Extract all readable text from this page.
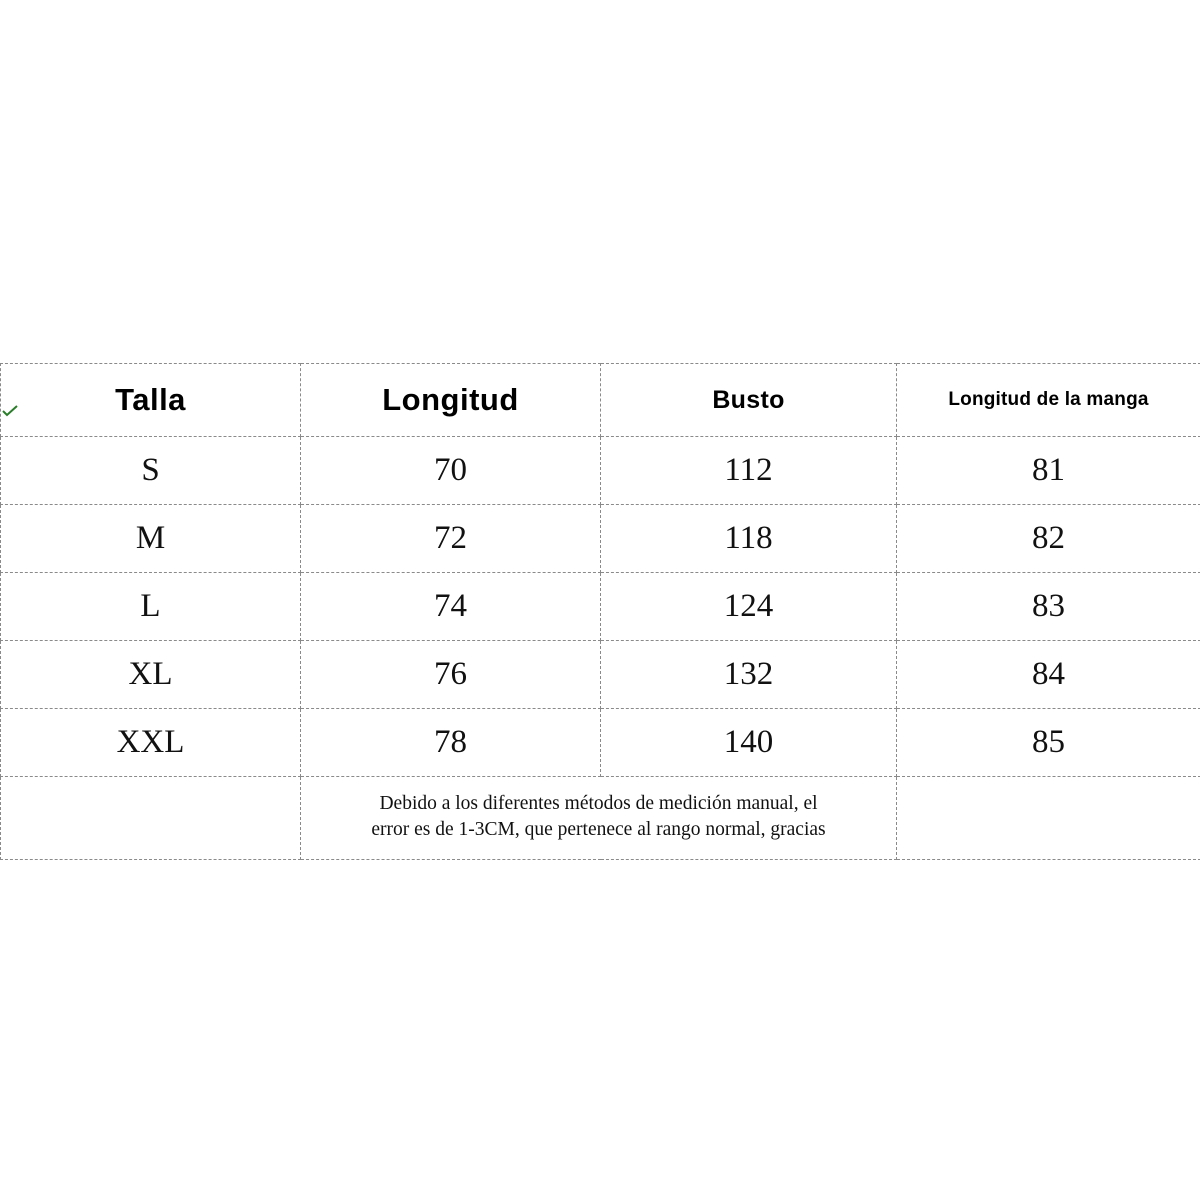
Talla	Longitud	Busto	Longitud de la manga
S	70	112	81
M	72	118	82
L	74	124	83
XL	76	132	84
XXL	78	140	85

	Debido a los diferentes métodos de medición manual, el
error es de 1-3CM, que pertenece al rango normal, gracias		
